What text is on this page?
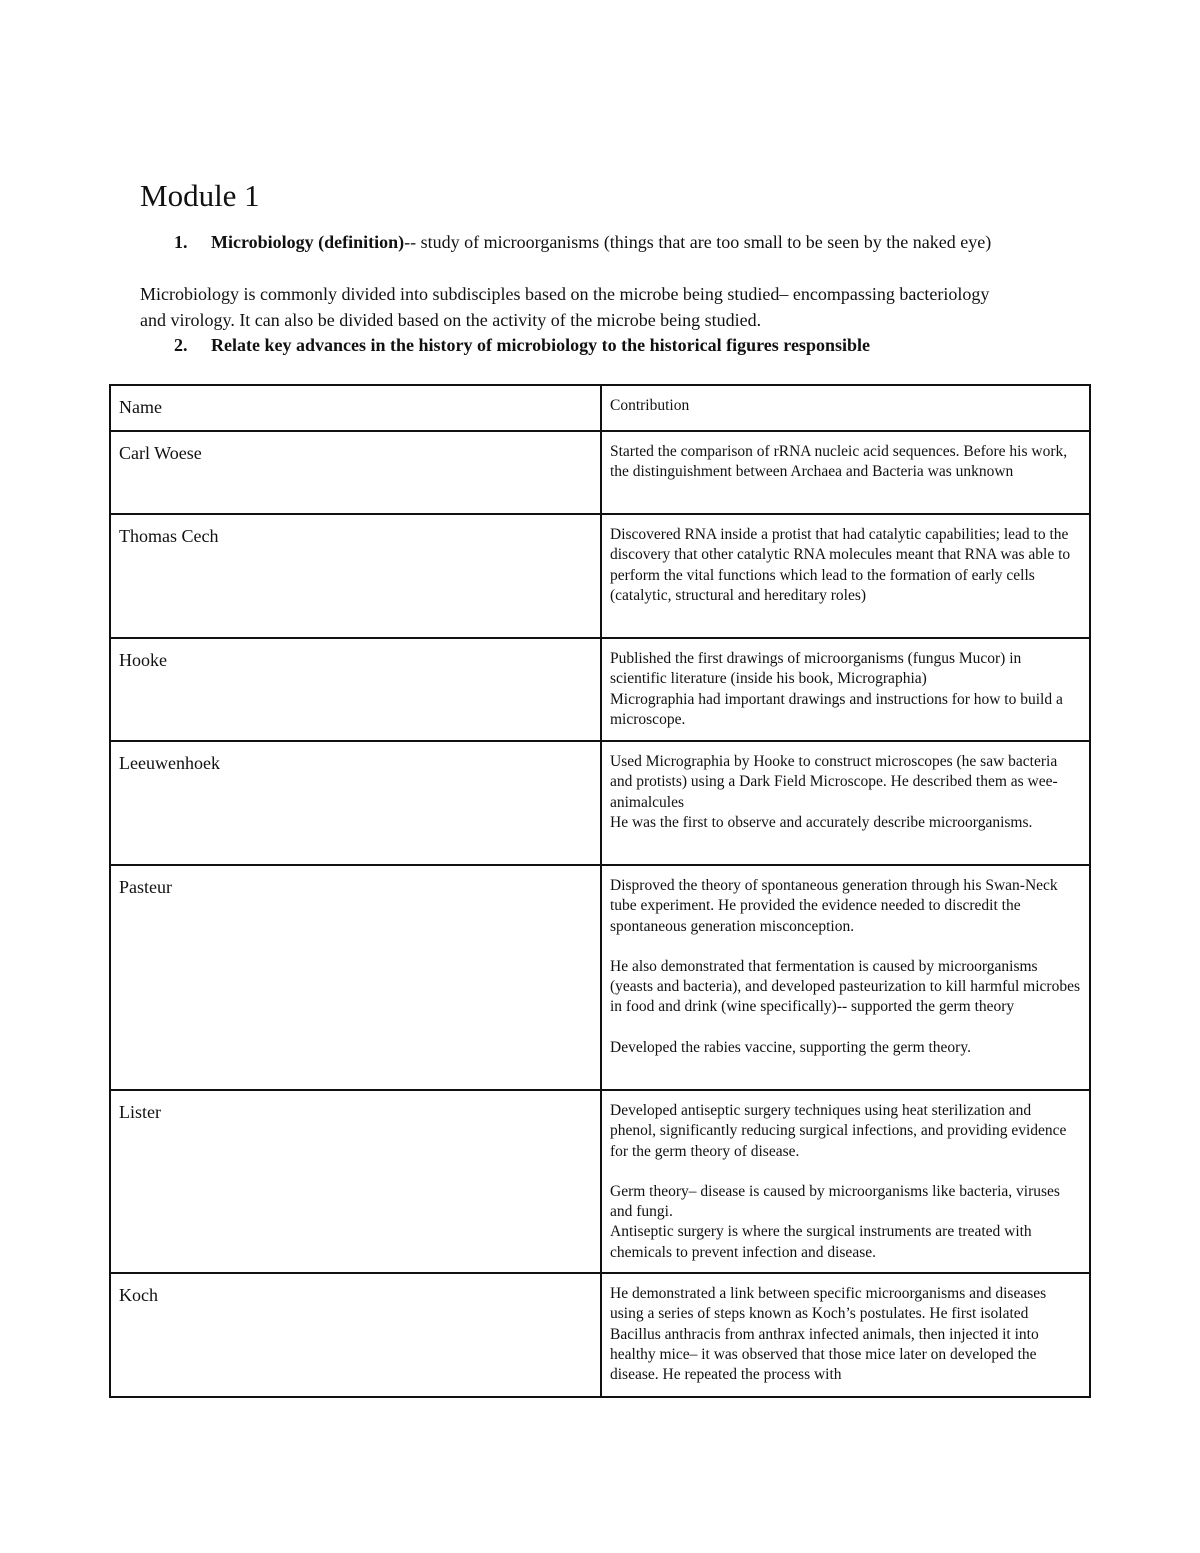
Module 1
1. Microbiology (definition)-- study of microorganisms (things that are too small to be seen by the naked eye)
Microbiology is commonly divided into subdisciples based on the microbe being studied– encompassing bacteriology and virology. It can also be divided based on the activity of the microbe being studied.
2. Relate key advances in the history of microbiology to the historical figures responsible
Name	Contribution
Carl Woese	Started the comparison of rRNA nucleic acid sequences. Before his work, the distinguishment between Archaea and Bacteria was unknown

Thomas Cech	Discovered RNA inside a protist that had catalytic capabilities; lead to the discovery that other catalytic RNA molecules meant that RNA was able to perform the vital functions which lead to the formation of early cells (catalytic, structural and hereditary roles)

Hooke	Published the first drawings of microorganisms (fungus Mucor) in scientific literature (inside his book, Micrographia)
Micrographia had important drawings and instructions for how to build a microscope.

Leeuwenhoek	Used Micrographia by Hooke to construct microscopes (he saw bacteria and protists) using a Dark Field Microscope. He described them as wee-animalcules
He was the first to observe and accurately describe microorganisms.

Pasteur	Disproved the theory of spontaneous generation through his Swan-Neck tube experiment. He provided the evidence needed to discredit the spontaneous generation misconception.
He also demonstrated that fermentation is caused by microorganisms (yeasts and bacteria), and developed pasteurization to kill harmful microbes in food and drink (wine specifically)-- supported the germ theory
Developed the rabies vaccine, supporting the germ theory.

Lister	Developed antiseptic surgery techniques using heat sterilization and phenol, significantly reducing surgical infections, and providing evidence for the germ theory of disease.
Germ theory– disease is caused by microorganisms like bacteria, viruses and fungi.
Antiseptic surgery is where the surgical instruments are treated with chemicals to prevent infection and disease.

Koch	He demonstrated a link between specific microorganisms and diseases using a series of steps known as Koch’s postulates. He first isolated Bacillus anthracis from anthrax infected animals, then injected it into healthy mice– it was observed that those mice later on developed the disease. He repeated the process with
